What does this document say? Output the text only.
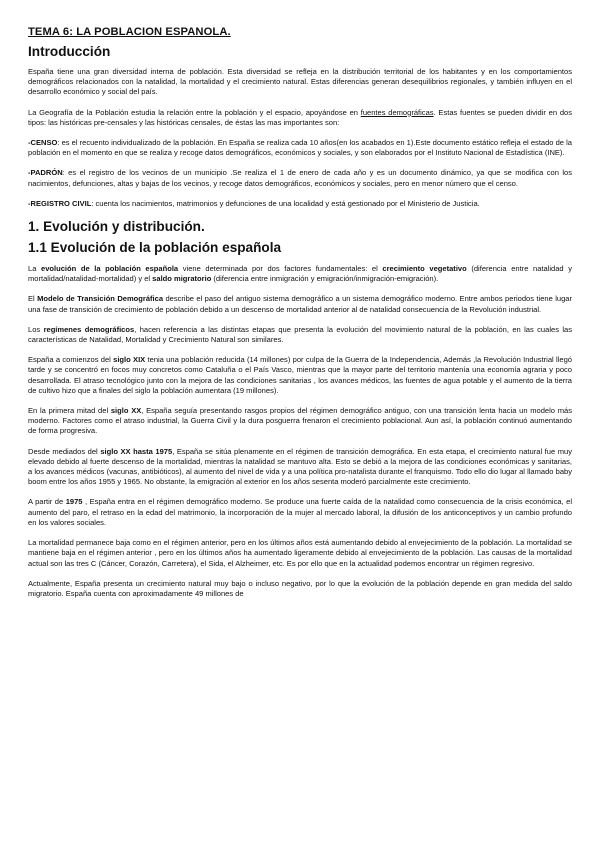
TEMA 6: LA POBLACION ESPANOLA.
Introducción

España tiene una gran diversidad interna de población. Esta diversidad se refleja en la distribución territorial de los habitantes y en los comportamientos demográficos relacionados con la natalidad, la mortalidad y el crecimiento natural. Estas diferencias generan desequilibrios regionales, y también influyen en el desarrollo económico y social del país.

La Geografía de la Población estudia la relación entre la población y el espacio, apoyándose en fuentes demográficas. Estas fuentes se pueden dividir en dos tipos: las históricas pre-censales y las históricas censales, de éstas las mas importantes son:

-CENSO: es el recuento individualizado de la población. En España se realiza cada 10 años(en los acabados en 1).Este documento estático refleja el estado de la población en el momento en que se realiza y recoge datos demográficos, económicos y sociales, y son elaborados por el Instituto Nacional de Estadística (INE).

-PADRÓN: es el registro de los vecinos de un municipio .Se realiza el 1 de enero de cada año y es un documento dinámico, ya que se modifica con los nacimientos, defunciones, altas y bajas de los vecinos, y recoge datos demográficos, económicos y sociales, pero en menor número que el censo.

-REGISTRO CIVIL: cuenta los nacimientos, matrimonios y defunciones de una localidad y está gestionado por el Ministerio de Justicia.

1. Evolución y distribución.
1.1 Evolución de la población española

La evolución de la población española viene determinada por dos factores fundamentales: el crecimiento vegetativo (diferencia entre natalidad y mortalidad/natalidad-mortalidad) y el saldo migratorio (diferencia entre inmigración y emigración/inmigración-emigración).

El Modelo de Transición Demográfica describe el paso del antiguo sistema demográfico a un sistema demográfico moderno. Entre ambos periodos tiene lugar una fase de transición de crecimiento de población debido a un descenso de mortalidad anterior al de natalidad consecuencia de la Revolución industrial.

Los regímenes demográficos, hacen referencia a las distintas etapas que presenta la evolución del movimiento natural de la población, en las cuales las características de Natalidad, Mortalidad y Crecimiento Natural son similares.

España a comienzos del siglo XIX tenia una población reducida (14 millones) por culpa de la Guerra de la Independencia, Además ,la Revolución Industrial llegó tarde y se concentró en focos muy concretos como Cataluña o el País Vasco, mientras que la mayor parte del territorio mantenía una economía agraria y poco desarrollada. El atraso tecnológico junto con la mejora de las condiciones sanitarias , los avances médicos, las fuentes de agua potable y el aumento de la tierra de cultivo hizo que a finales del siglo la población aumentara (19 millones).

En la primera mitad del siglo XX, España seguía presentando rasgos propios del régimen demográfico antiguo, con una transición lenta hacia un modelo más moderno. Factores como el atraso industrial, la Guerra Civil y la dura posguerra frenaron el crecimiento poblacional. Aun así, la población continuó aumentando de forma progresiva.

Desde mediados del siglo XX hasta 1975, España se sitúa plenamente en el régimen de transición demográfica. En esta etapa, el crecimiento natural fue muy elevado debido al fuerte descenso de la mortalidad, mientras la natalidad se mantuvo alta. Esto se debió a la mejora de las condiciones económicas y sanitarias, a los avances médicos (vacunas, antibióticos), al aumento del nivel de vida y a una política pro-natalista durante el franquismo. Todo ello dio lugar al llamado baby boom entre los años 1955 y 1965. No obstante, la emigración al exterior en los años sesenta moderó parcialmente este crecimiento.

A partir de 1975 , España entra en el régimen demográfico moderno. Se produce una fuerte caída de la natalidad como consecuencia de la crisis económica, el aumento del paro, el retraso en la edad del matrimonio, la incorporación de la mujer al mercado laboral, la difusión de los anticonceptivos y un cambio profundo en los valores sociales.

La mortalidad permanece baja como en el régimen anterior, pero en los últimos años está aumentando debido al envejecimiento de la población. La mortalidad se mantiene baja en el régimen anterior , pero en los últimos años ha aumentado ligeramente debido al envejecimiento de la población. Las causas de la mortalidad actual son las tres C (Cáncer, Corazón, Carretera), el Sida, el Alzheimer, etc. Es por ello que en la actualidad podemos encontrar un régimen regresivo.

Actualmente, España presenta un crecimiento natural muy bajo o incluso negativo, por lo que la evolución de la población depende en gran medida del saldo migratorio. España cuenta con aproximadamente 49 millones de
